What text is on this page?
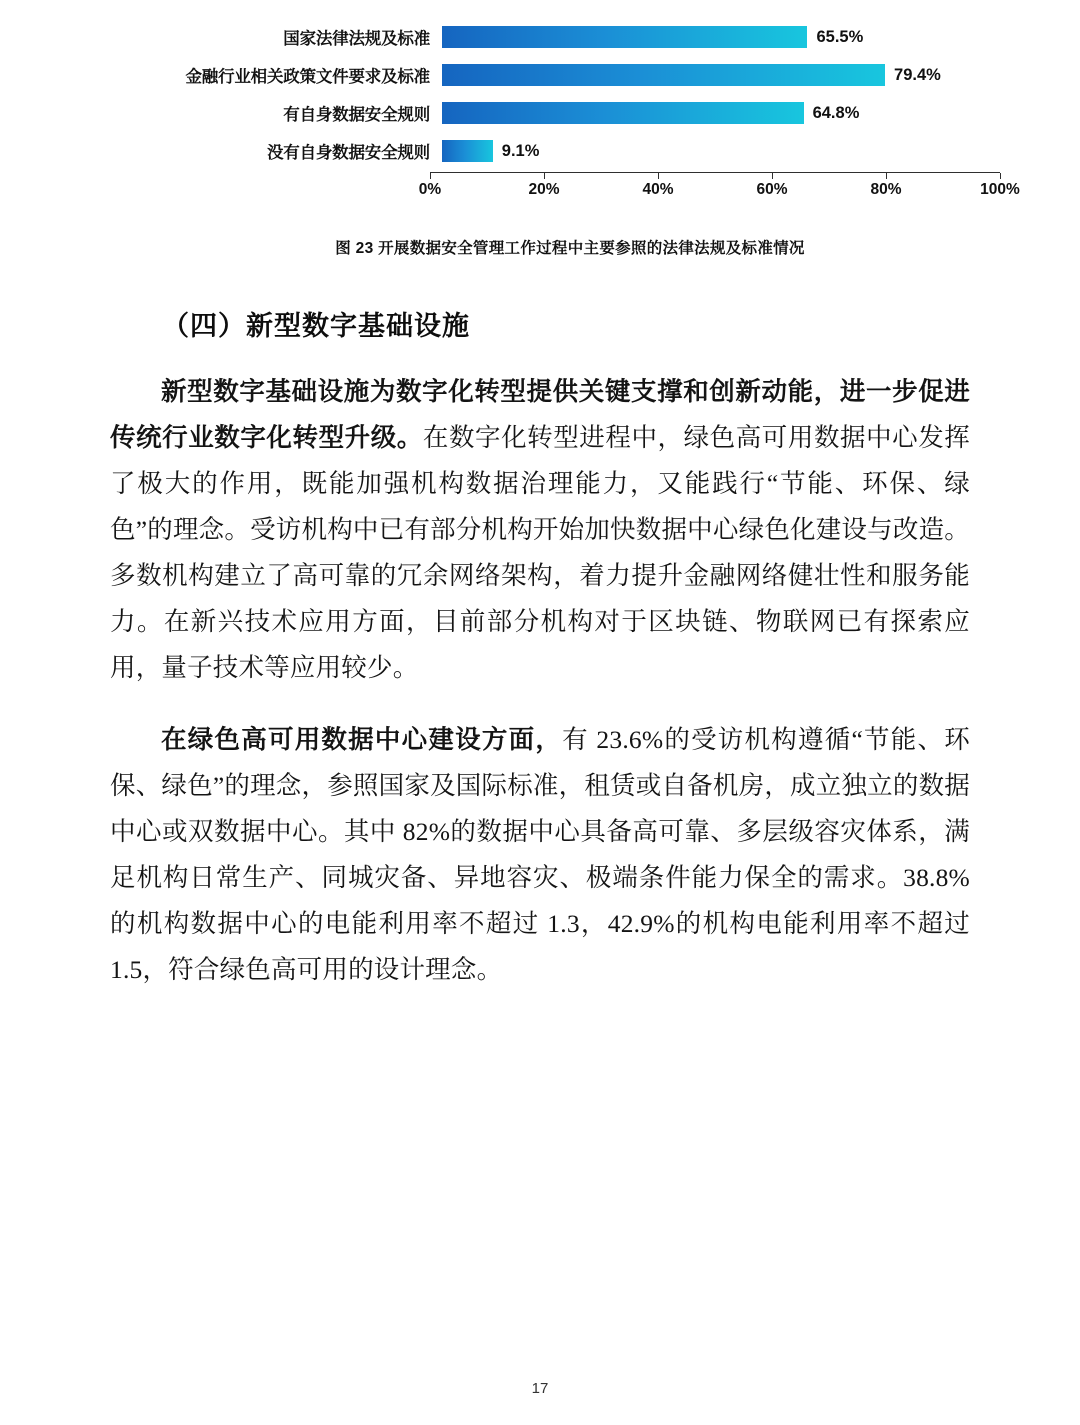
国家法律法规及标准	65.5%
金融行业相关政策文件要求及标准	79.4%
有自身数据安全规则	64.8%
没有自身数据安全规则	9.1%
0%	20%	40%	60%	80%	100%
图 23 开展数据安全管理工作过程中主要参照的法律法规及标准情况
（四）新型数字基础设施

新型数字基础设施为数字化转型提供关键支撑和创新动能，进一步促进传统行业数字化转型升级。在数字化转型进程中，绿色高可用数据中心发挥了极大的作用，既能加强机构数据治理能力，又能践行“节能、环保、绿色”的理念。受访机构中已有部分机构开始加快数据中心绿色化建设与改造。多数机构建立了高可靠的冗余网络架构，着力提升金融网络健壮性和服务能力。在新兴技术应用方面，目前部分机构对于区块链、物联网已有探索应用，量子技术等应用较少。

在绿色高可用数据中心建设方面，有 23.6%的受访机构遵循“节能、环保、绿色”的理念，参照国家及国际标准，租赁或自备机房，成立独立的数据中心或双数据中心。其中 82%的数据中心具备高可靠、多层级容灾体系，满足机构日常生产、同城灾备、异地容灾、极端条件能力保全的需求。38.8%的机构数据中心的电能利用率不超过 1.3，42.9%的机构电能利用率不超过 1.5，符合绿色高可用的设计理念。

17
